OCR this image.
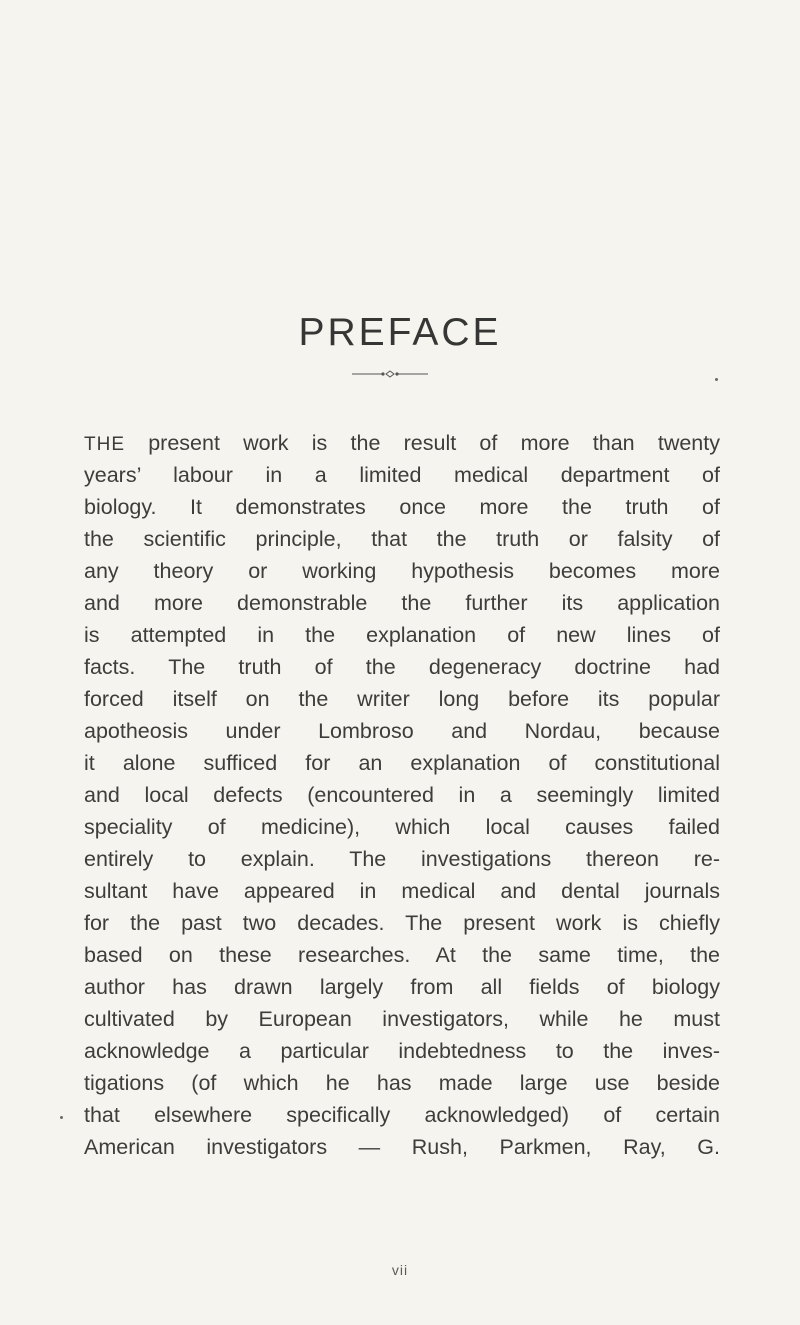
PREFACE
THE present work is the result of more than twenty
years’ labour in a limited medical department of
biology. It demonstrates once more the truth of
the scientific principle, that the truth or falsity of
any theory or working hypothesis becomes more
and more demonstrable the further its application
is attempted in the explanation of new lines of
facts. The truth of the degeneracy doctrine had
forced itself on the writer long before its popular
apotheosis under Lombroso and Nordau, because
it alone sufficed for an explanation of constitutional
and local defects (encountered in a seemingly limited
speciality of medicine), which local causes failed
entirely to explain. The investigations thereon re-
sultant have appeared in medical and dental journals
for the past two decades. The present work is chiefly
based on these researches. At the same time, the
author has drawn largely from all fields of biology
cultivated by European investigators, while he must
acknowledge a particular indebtedness to the inves-
tigations (of which he has made large use beside
that elsewhere specifically acknowledged) of certain
American investigators — Rush, Parkmen, Ray, G.
vii
